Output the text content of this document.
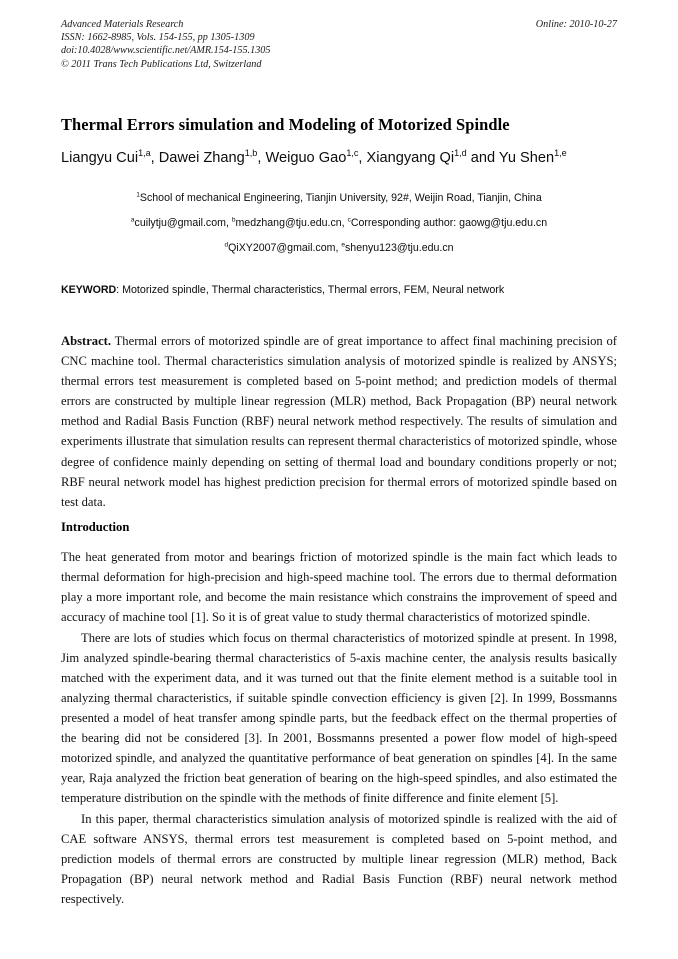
Advanced Materials Research	Online: 2010-10-27
ISSN: 1662-8985, Vols. 154-155, pp 1305-1309
doi:10.4028/www.scientific.net/AMR.154-155.1305
© 2011 Trans Tech Publications Ltd, Switzerland
Thermal Errors simulation and Modeling of Motorized Spindle
Liangyu Cui$^{1,a}$, Dawei Zhang$^{1,b}$, Weiguo Gao$^{1,c}$, Xiangyang Qi$^{1,d}$ and Yu Shen$^{1,e}$
$^1$School of mechanical Engineering, Tianjin University, 92#, Weijin Road, Tianjin, China
$^a$cuilytju@gmail.com, $^b$medzhang@tju.edu.cn, $^c$Corresponding author: gaowg@tju.edu.cn
$^d$QiXY2007@gmail.com, $^e$shenyu123@tju.edu.cn
KEYWORD: Motorized spindle, Thermal characteristics, Thermal errors, FEM, Neural network
Abstract. Thermal errors of motorized spindle are of great importance to affect final machining precision of CNC machine tool. Thermal characteristics simulation analysis of motorized spindle is realized by ANSYS; thermal errors test measurement is completed based on 5-point method; and prediction models of thermal errors are constructed by multiple linear regression (MLR) method, Back Propagation (BP) neural network method and Radial Basis Function (RBF) neural network method respectively. The results of simulation and experiments illustrate that simulation results can represent thermal characteristics of motorized spindle, whose degree of confidence mainly depending on setting of thermal load and boundary conditions properly or not; RBF neural network model has highest prediction precision for thermal errors of motorized spindle based on test data.
Introduction

The heat generated from motor and bearings friction of motorized spindle is the main fact which leads to thermal deformation for high-precision and high-speed machine tool. The errors due to thermal deformation play a more important role, and become the main resistance which constrains the improvement of speed and accuracy of machine tool [1]. So it is of great value to study thermal characteristics of motorized spindle.

There are lots of studies which focus on thermal characteristics of motorized spindle at present. In 1998, Jim analyzed spindle-bearing thermal characteristics of 5-axis machine center, the analysis results basically matched with the experiment data, and it was turned out that the finite element method is a suitable tool in analyzing thermal characteristics, if suitable spindle convection efficiency is given [2]. In 1999, Bossmanns presented a model of heat transfer among spindle parts, but the feedback effect on the thermal properties of the bearing did not be considered [3]. In 2001, Bossmanns presented a power flow model of high-speed motorized spindle, and analyzed the quantitative performance of beat generation on spindles [4]. In the same year, Raja analyzed the friction beat generation of bearing on the high-speed spindles, and also estimated the temperature distribution on the spindle with the methods of finite difference and finite element [5].

In this paper, thermal characteristics simulation analysis of motorized spindle is realized with the aid of CAE software ANSYS, thermal errors test measurement is completed based on 5-point method, and prediction models of thermal errors are constructed by multiple linear regression (MLR) method, Back Propagation (BP) neural network method and Radial Basis Function (RBF) neural network method respectively.
